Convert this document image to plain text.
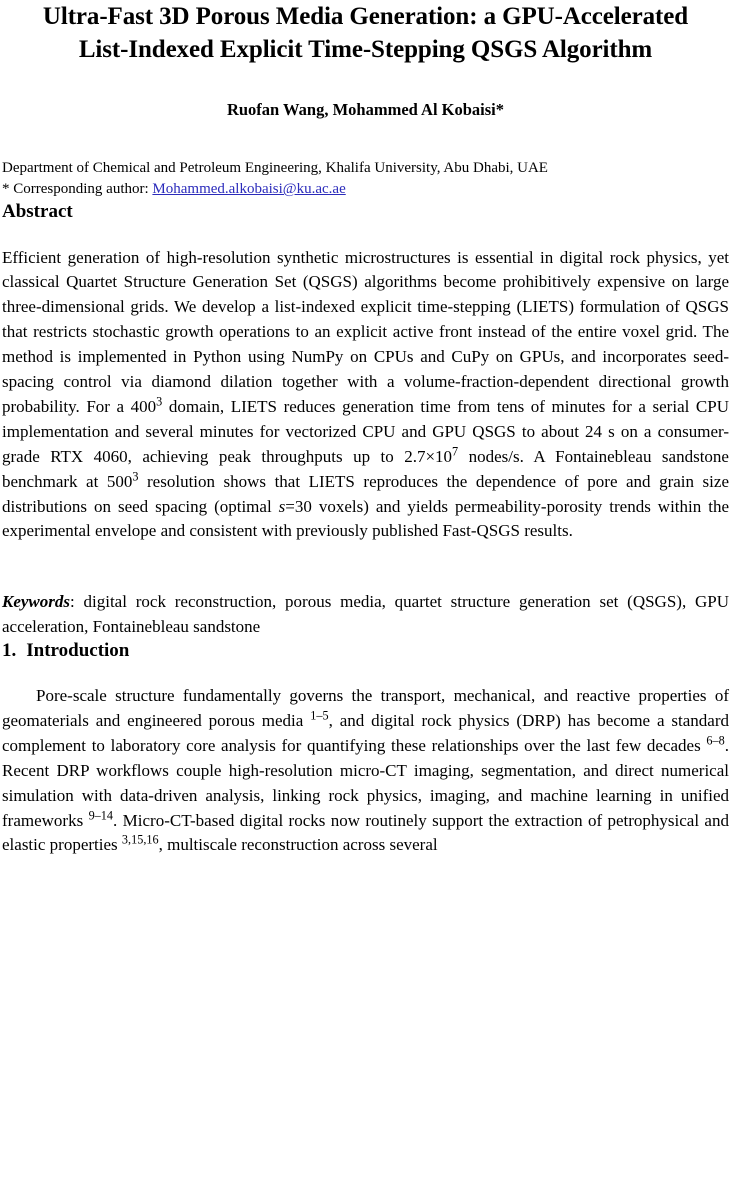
Ultra-Fast 3D Porous Media Generation: a GPU-Accelerated List-Indexed Explicit Time-Stepping QSGS Algorithm
Ruofan Wang, Mohammed Al Kobaisi*
Department of Chemical and Petroleum Engineering, Khalifa University, Abu Dhabi, UAE
* Corresponding author: Mohammed.alkobaisi@ku.ac.ae
Abstract
Efficient generation of high-resolution synthetic microstructures is essential in digital rock physics, yet classical Quartet Structure Generation Set (QSGS) algorithms become prohibitively expensive on large three-dimensional grids. We develop a list-indexed explicit time-stepping (LIETS) formulation of QSGS that restricts stochastic growth operations to an explicit active front instead of the entire voxel grid. The method is implemented in Python using NumPy on CPUs and CuPy on GPUs, and incorporates seed-spacing control via diamond dilation together with a volume-fraction-dependent directional growth probability. For a $400^3$ domain, LIETS reduces generation time from tens of minutes for a serial CPU implementation and several minutes for vectorized CPU and GPU QSGS to about 24 s on a consumer-grade RTX 4060, achieving peak throughputs up to $2.7\times 10^7$ nodes/s. A Fontainebleau sandstone benchmark at $500^3$ resolution shows that LIETS reproduces the dependence of pore and grain size distributions on seed spacing (optimal s=30 voxels) and yields permeability-porosity trends within the experimental envelope and consistent with previously published Fast-QSGS results.
Keywords: digital rock reconstruction, porous media, quartet structure generation set (QSGS), GPU acceleration, Fontainebleau sandstone
1. Introduction
Pore-scale structure fundamentally governs the transport, mechanical, and reactive properties of geomaterials and engineered porous media $^{1-5}$, and digital rock physics (DRP) has become a standard complement to laboratory core analysis for quantifying these relationships over the last few decades $^{6-8}$. Recent DRP workflows couple high-resolution micro-CT imaging, segmentation, and direct numerical simulation with data-driven analysis, linking rock physics, imaging, and machine learning in unified frameworks $^{9-14}$. Micro-CT-based digital rocks now routinely support the extraction of petrophysical and elastic properties $^{3,15,16}$, multiscale reconstruction across several
